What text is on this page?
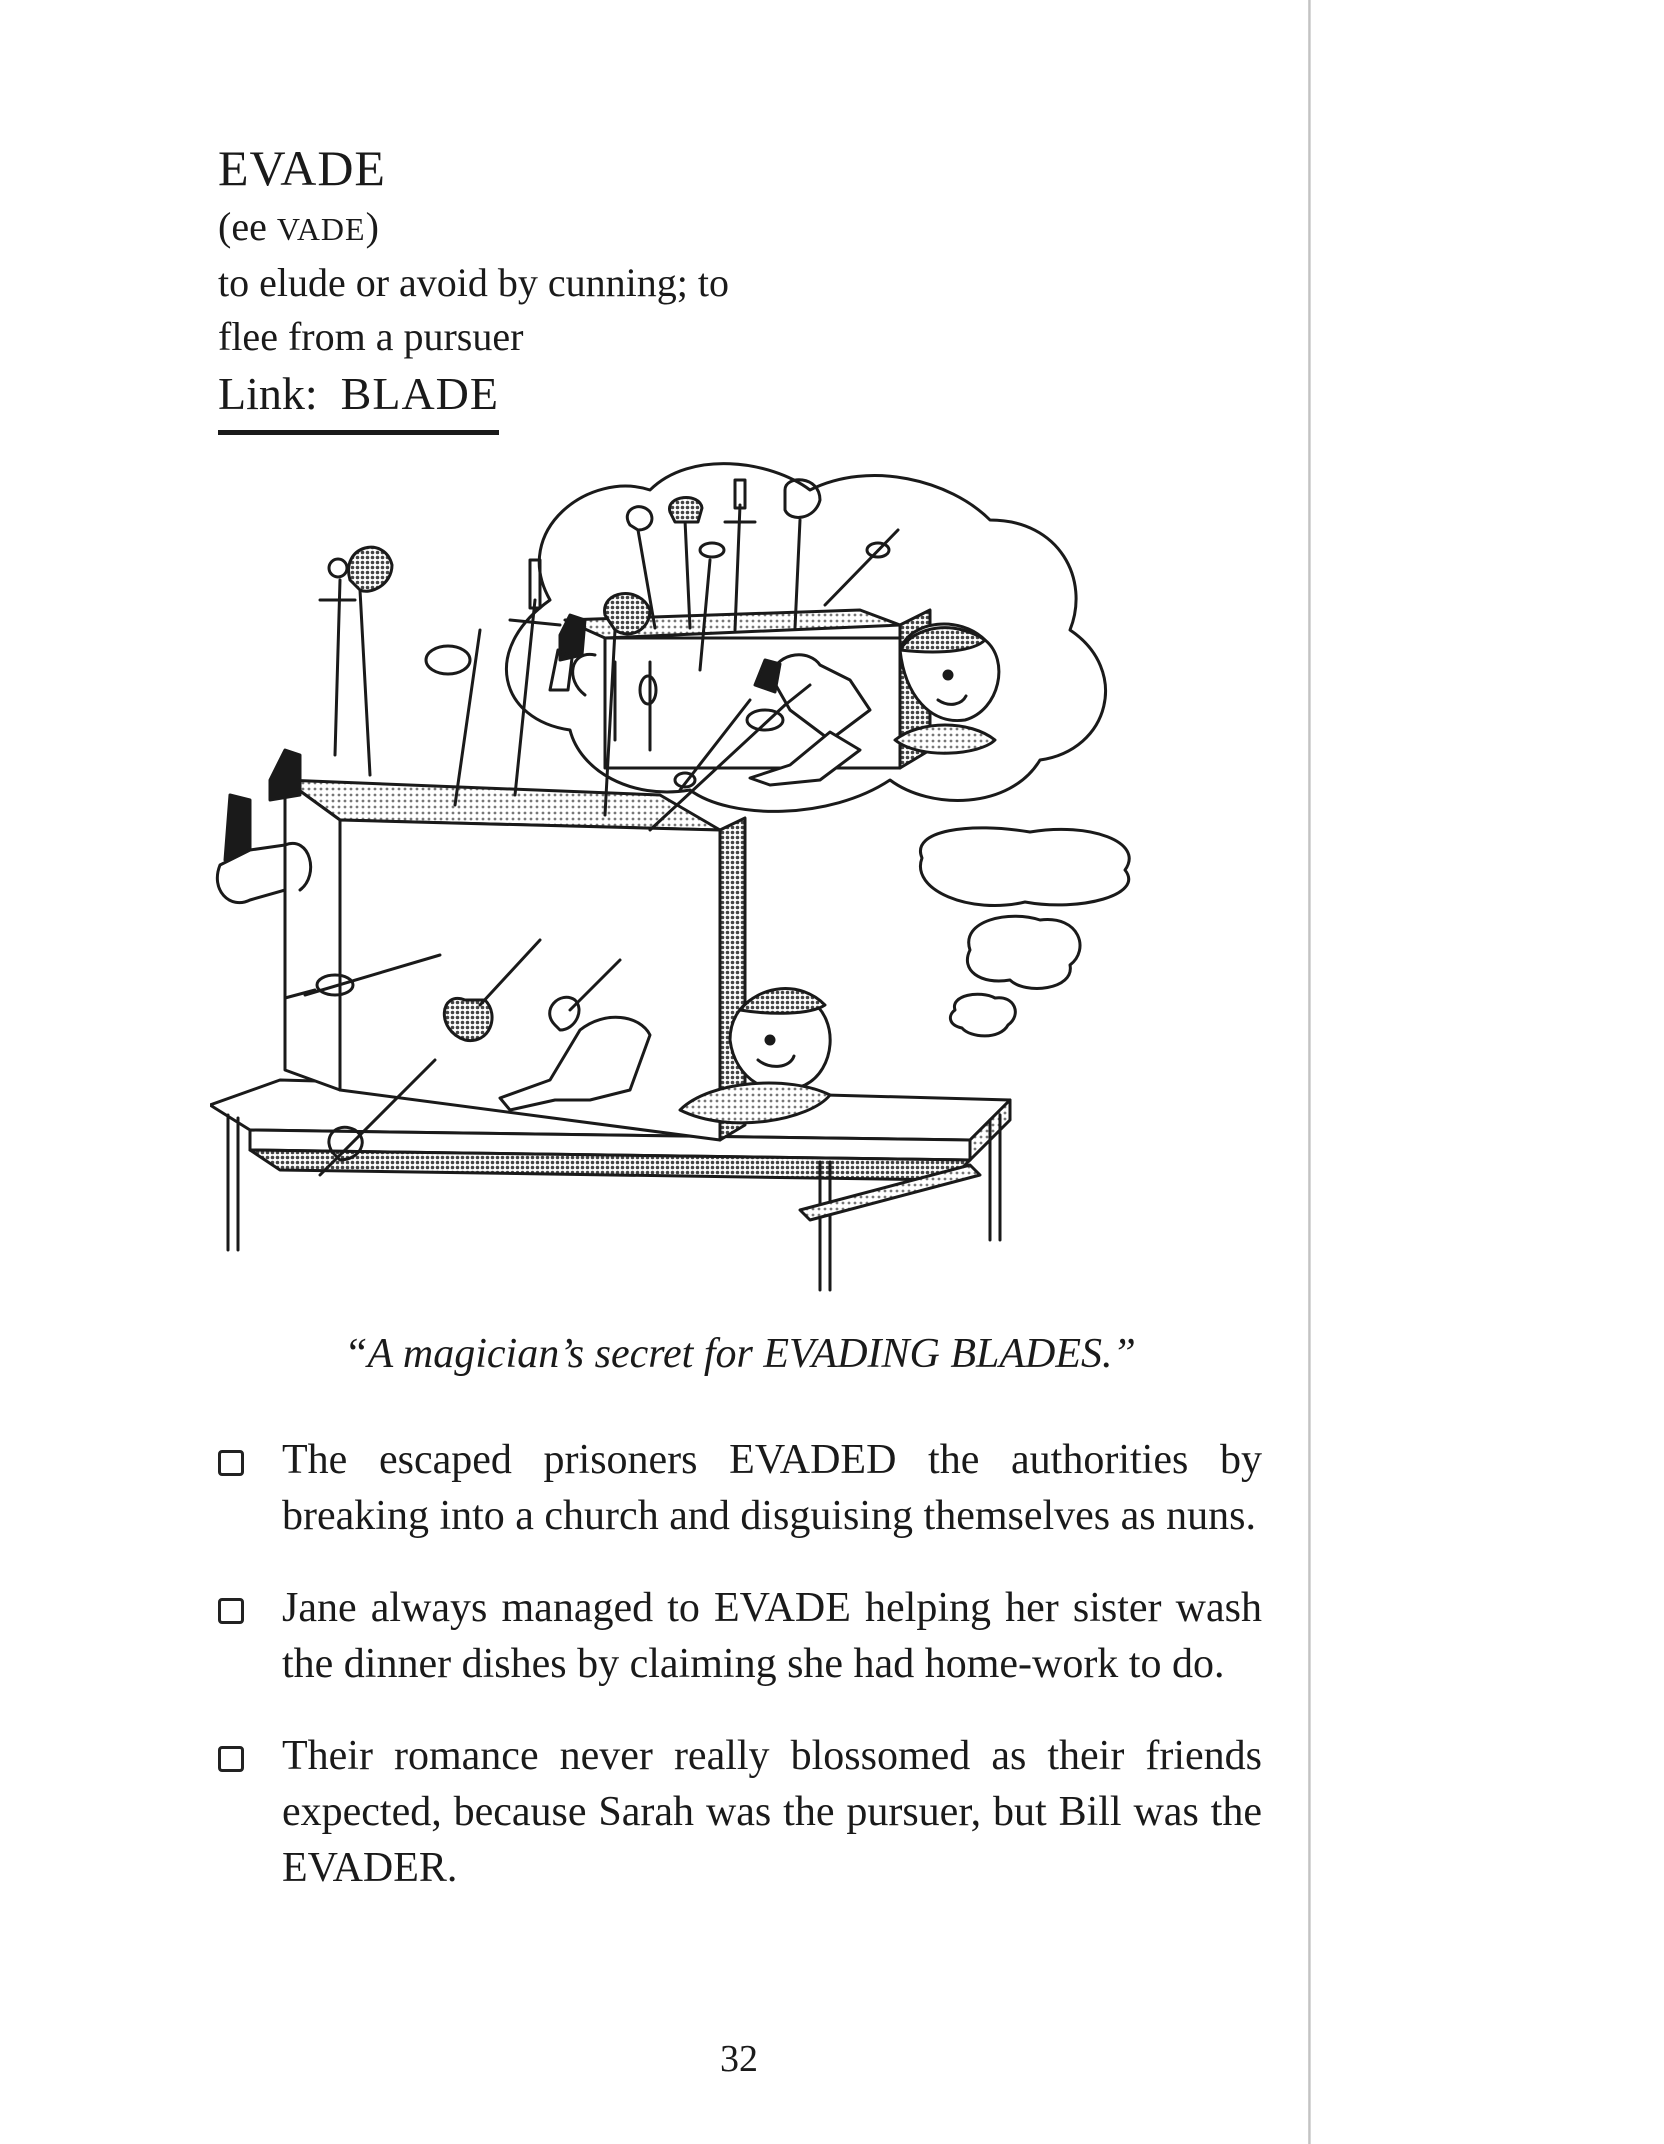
EVADE
(ee VADE)
to elude or avoid by cunning; to
flee from a pursuer
Link: BLADE
“A magician’s secret for EVADING BLADES.”
The escaped prisoners EVADED the authorities by breaking into a church and disguising themselves as nuns.
Jane always managed to EVADE helping her sister wash the dinner dishes by claiming she had home-work to do.
Their romance never really blossomed as their friends expected, because Sarah was the pursuer, but Bill was the EVADER.
32
